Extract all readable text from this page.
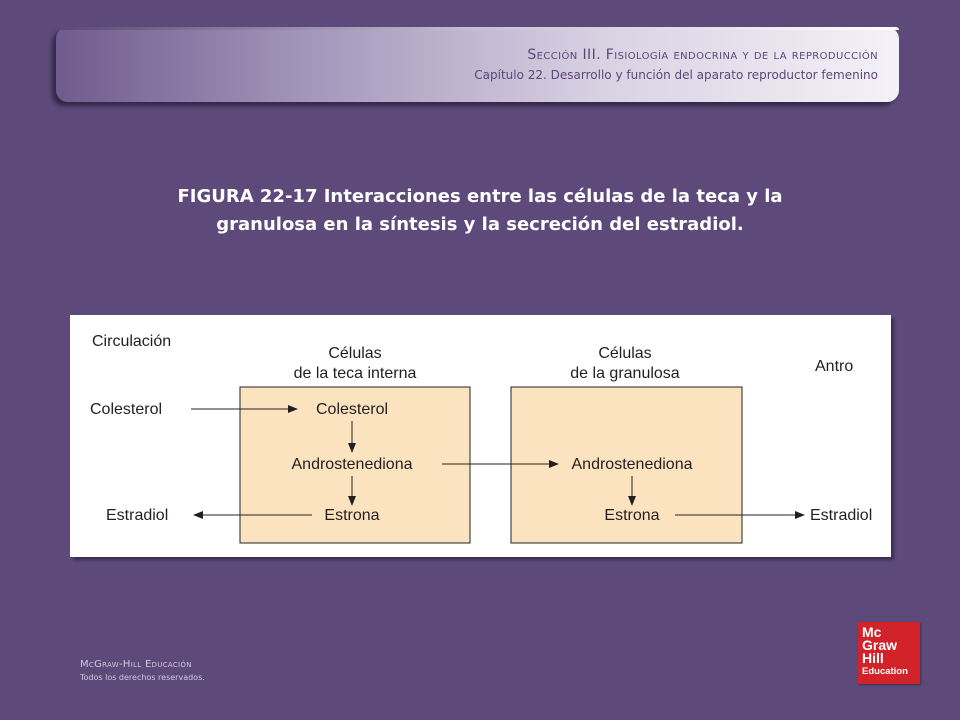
Sección III. Fisiología endocrina y de la reproducción
Capítulo 22. Desarrollo y función del aparato reproductor femenino
FIGURA 22-17 Interacciones entre las células de la teca y la
granulosa en la síntesis y la secreción del estradiol.
Circulación
Células
de la teca interna
Células
de la granulosa	Antro
Colesterol	Colesterol
Androstenediona
Estrona
Estradiol
Androstenediona
Estrona	Estradiol
McGraw-Hill Educación
Todos los derechos reservados.
Mc
Graw
Hill
Education
